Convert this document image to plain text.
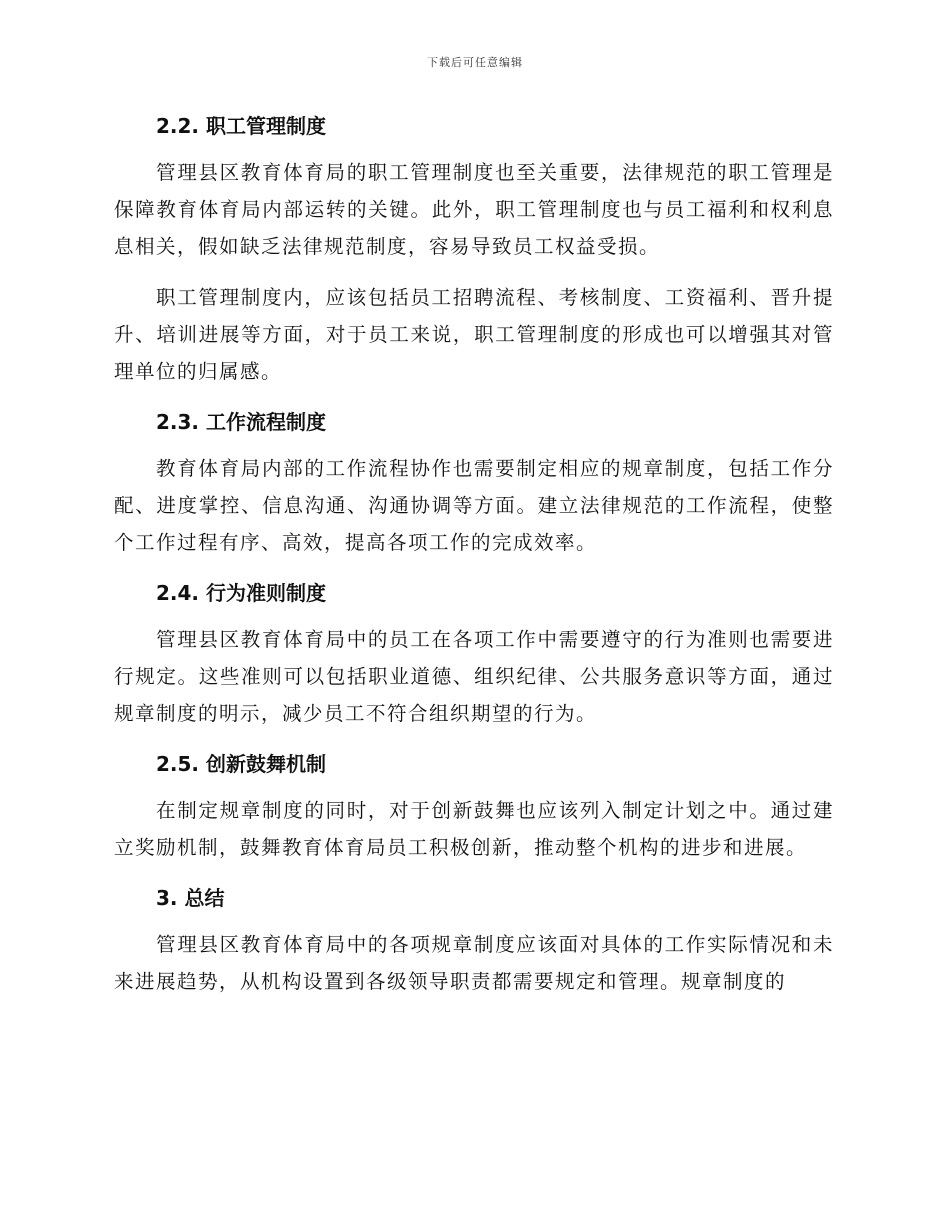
下载后可任意编辑
2.2. 职工管理制度

管理县区教育体育局的职工管理制度也至关重要，法律规范的职工管理是保障教育体育局内部运转的关键。此外，职工管理制度也与员工福利和权利息息相关，假如缺乏法律规范制度，容易导致员工权益受损。

职工管理制度内，应该包括员工招聘流程、考核制度、工资福利、晋升提升、培训进展等方面，对于员工来说，职工管理制度的形成也可以增强其对管理单位的归属感。

2.3. 工作流程制度

教育体育局内部的工作流程协作也需要制定相应的规章制度，包括工作分配、进度掌控、信息沟通、沟通协调等方面。建立法律规范的工作流程，使整个工作过程有序、高效，提高各项工作的完成效率。

2.4. 行为准则制度

管理县区教育体育局中的员工在各项工作中需要遵守的行为准则也需要进行规定。这些准则可以包括职业道德、组织纪律、公共服务意识等方面，通过规章制度的明示，减少员工不符合组织期望的行为。

2.5. 创新鼓舞机制

在制定规章制度的同时，对于创新鼓舞也应该列入制定计划之中。通过建立奖励机制，鼓舞教育体育局员工积极创新，推动整个机构的进步和进展。

3. 总结

管理县区教育体育局中的各项规章制度应该面对具体的工作实际情况和未来进展趋势，从机构设置到各级领导职责都需要规定和管理。规章制度的
